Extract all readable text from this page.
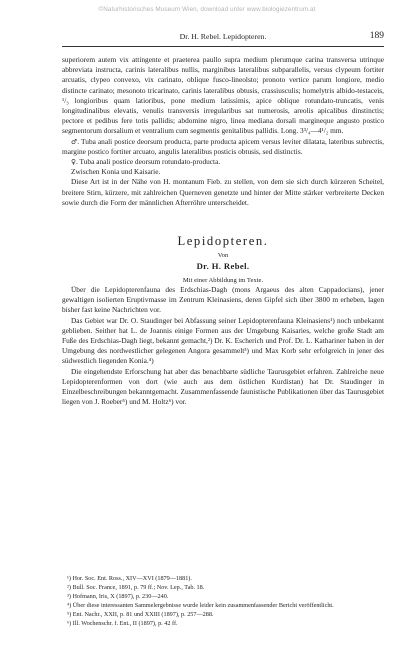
©Naturhistorisches Museum Wien, download unter www.biologiezentrum.at
Dr. H. Rebel. Lepidopteren.	189

superiorem autem vix attingente et praeterea paullo supra medium plerumque carina transversa utrinque abbreviata instructa, carinis lateralibus nullis, marginibus lateralibus subparallelis, versus clypeum fortiter arcuatis, clypeo convexo, vix carinato, oblique fusco-lineolsto; pronoto vertice parum longiore, medio distincte carinato; mesonoto tricarinato, carinis lateralibus obtusis, crassiusculis; homelytris albido-testaceis, ¹/₃ longioribus quam latioribus, pone medium latissimis, apice oblique rotundato-truncatis, venis longitudinalibus elevatis, venulis transversis irregularibus sat numerosis, areolis apicalibus dinstinctis; pectore et pedibus fere totis pallidis; abdomine nigro, linea mediana dorsali margineque angusto postico segmentorum dorsalium et ventralium cum segmentis genitalibus pallidis. Long. 3³/₄—4¹/₂ mm.

♂. Tuba anali postice deorsum producta, parte producta apicem versus leviter dilatata, lateribus subrectis, margine postico fortiter arcuato, angulis lateralibus posticis obtusis, sed distinctis.

♀. Tuba anali postice deorsum rotundato-producta.

Zwischen Konia und Kaisarie.

Diese Art ist in der Nähe von H. montanum Fieb. zu stellen, von dem sie sich durch kürzeren Scheitel, breitere Stirn, kürzere, mit zahlreichen Querneven genetzte und hinter der Mitte stärker verbreiterte Decken sowie durch die Form der männlichen Afterröhre unterscheidet.

Lepidopteren.
Von
Dr. H. Rebel.
Mit einer Abbildung im Texte.

Über die Lepidopterenfauna des Erdschias-Dagh (mons Argaeus des alten Cappadocians), jener gewaltigen isolierten Eruptivmasse im Zentrum Kleinasiens, deren Gipfel sich über 3800 m erheben, lagen bisher fast keine Nachrichten vor.

Das Gebiet war Dr. O. Staudinger bei Abfassung seiner Lepidopterenfauna Kleinasiens¹) noch unbekannt geblieben. Seither hat L. de Joannis einige Formen aus der Umgebung Kaisaries, welche große Stadt am Fuße des Erdschias-Dagh liegt, bekannt gemacht,²) Dr. K. Escherich und Prof. Dr. L. Kathariner haben in der Umgebung des nordwestlicher gelegenen Angora gesammelt³) und Max Korb sehr erfolgreich in jener des südwestlich liegenden Konia.⁴)

Die eingehendste Erforschung hat aber das benachbarte südliche Taurusgebiet erfahren. Zahlreiche neue Lepidopterenformen von dort (wie auch aus dem östlichen Kurdistan) hat Dr. Staudinger in Einzelbeschreibungen bekanntgemacht. Zusammenfassende faunistische Publikationen über das Taurusgebiet liegen von J. Roeber⁵) und M. Holtz⁶) vor.

¹) Hor. Soc. Ent. Ross., XIV—XVI (1879—1881).

²) Bull. Soc. France, 1891, p. 79 ff.; Nov. Lep., Tab. 18.

³) Hofmann, Iris, X (1897), p. 230—240.

⁴) Über diese interessanten Sammelergebnisse wurde leider kein zusammenfassender Bericht veröffentlicht.

⁵) Ent. Nachr., XXII, p. 81 und XXIII (1897), p. 257—288.

⁶) Ill. Wochenschr. f. Ent., II (1897), p. 42 ff.
